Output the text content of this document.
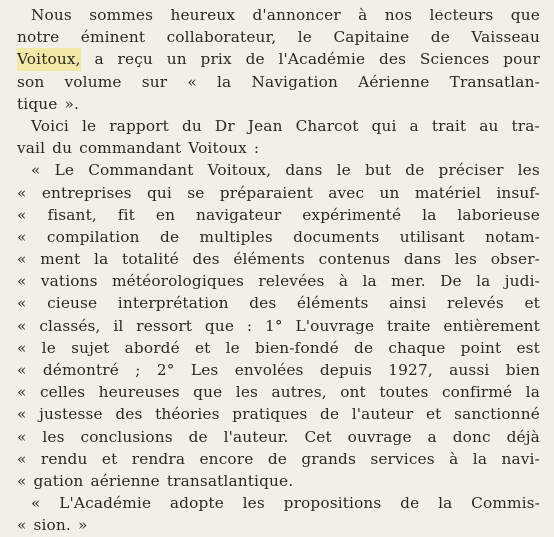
Nous sommes heureux d'annoncer à nos lecteurs que
notre éminent collaborateur, le Capitaine de Vaisseau
Voitoux, a reçu un prix de l'Académie des Sciences pour
son volume sur « la Navigation Aérienne Transatlan-
tique ».
Voici le rapport du Dr Jean Charcot qui a trait au tra-
vail du commandant Voitoux :
« Le Commandant Voitoux, dans le but de préciser les
« entreprises qui se préparaient avec un matériel insuf-
« fisant, fit en navigateur expérimenté la laborieuse
« compilation de multiples documents utilisant notam-
« ment la totalité des éléments contenus dans les obser-
« vations météorologiques relevées à la mer. De la judi-
« cieuse interprétation des éléments ainsi relevés et
« classés, il ressort que : 1° L'ouvrage traite entièrement
« le sujet abordé et le bien-fondé de chaque point est
« démontré ; 2° Les envolées depuis 1927, aussi bien
« celles heureuses que les autres, ont toutes confirmé la
« justesse des théories pratiques de l'auteur et sanctionné
« les conclusions de l'auteur. Cet ouvrage a donc déjà
« rendu et rendra encore de grands services à la navi-
« gation aérienne transatlantique.
« L'Académie adopte les propositions de la Commis-
« sion. »
